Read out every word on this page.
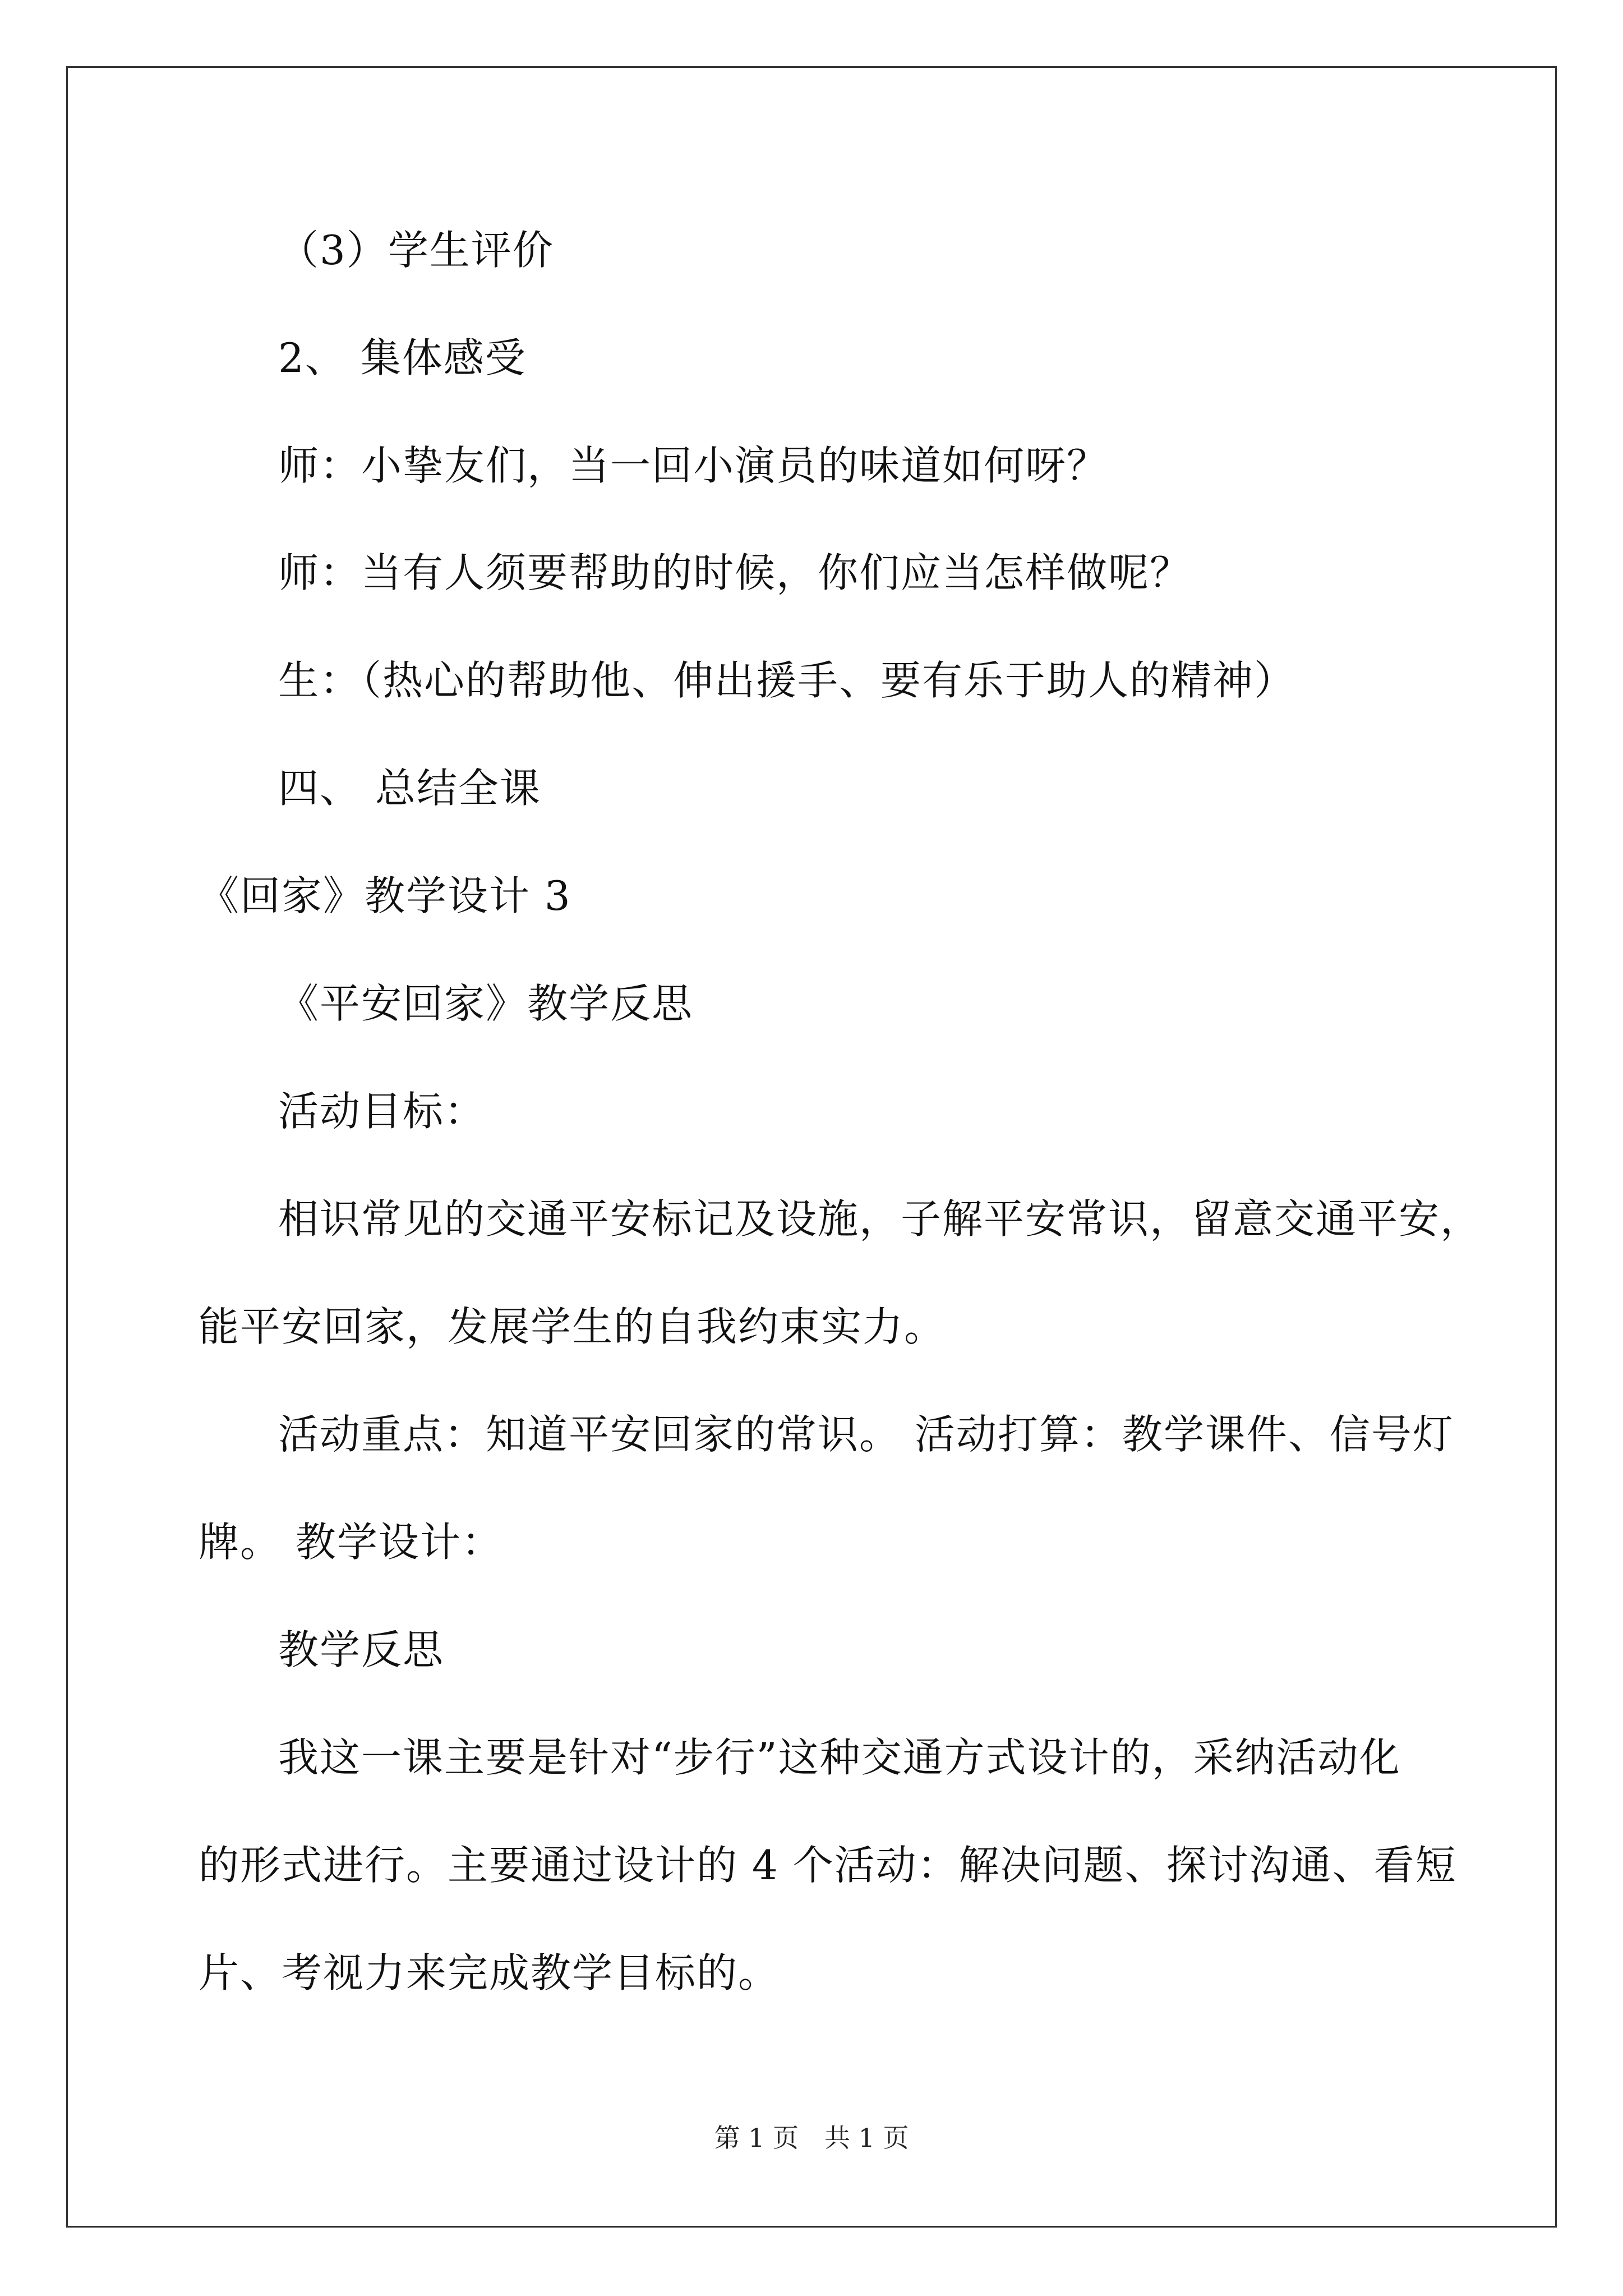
（3）学生评价
2、 集体感受
师：小挚友们，当一回小演员的味道如何呀？
师：当有人须要帮助的时候，你们应当怎样做呢？
生：（热心的帮助他、伸出援手、要有乐于助人的精神）
四、 总结全课
《回家》教学设计 3
《平安回家》教学反思
活动目标：
相识常见的交通平安标记及设施，子解平安常识，留意交通平安，
能平安回家，发展学生的自我约束实力。
活动重点：知道平安回家的常识。 活动打算：教学课件、信号灯
牌。 教学设计：
教学反思
我这一课主要是针对“步行”这种交通方式设计的，采纳活动化
的形式进行。主要通过设计的 4 个活动：解决问题、探讨沟通、看短
片、考视力来完成教学目标的。
第 1 页　共 1 页
